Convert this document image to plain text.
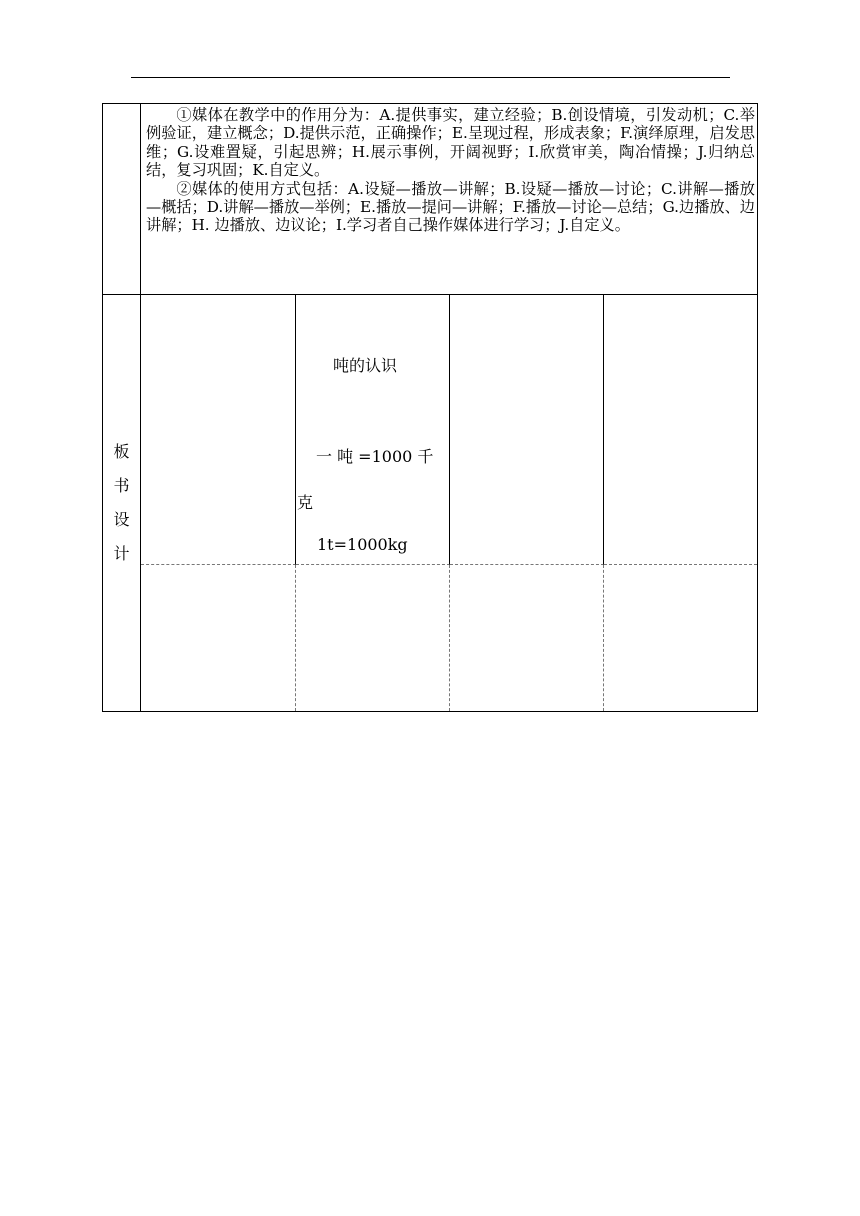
①媒体在教学中的作用分为：A.提供事实，建立经验；B.创设情境，引发动机；C.举例验证，建立概念；D.提供示范，正确操作；E.呈现过程，形成表象；F.演绎原理，启发思维；G.设难置疑，引起思辨；H.展示事例，开阔视野；I.欣赏审美，陶冶情操；J.归纳总结，复习巩固；K.自定义。

②媒体的使用方式包括：A.设疑—播放—讲解；B.设疑—播放—讨论；C.讲解—播放—概括；D.讲解—播放—举例；E.播放—提问—讲解；F.播放—讨论—总结；G.边播放、边讲解；H. 边播放、边议论；I.学习者自己操作媒体进行学习；J.自定义。

板
书
设
计
吨的认识
一 吨 =1000 千
克
1t=1000kg
